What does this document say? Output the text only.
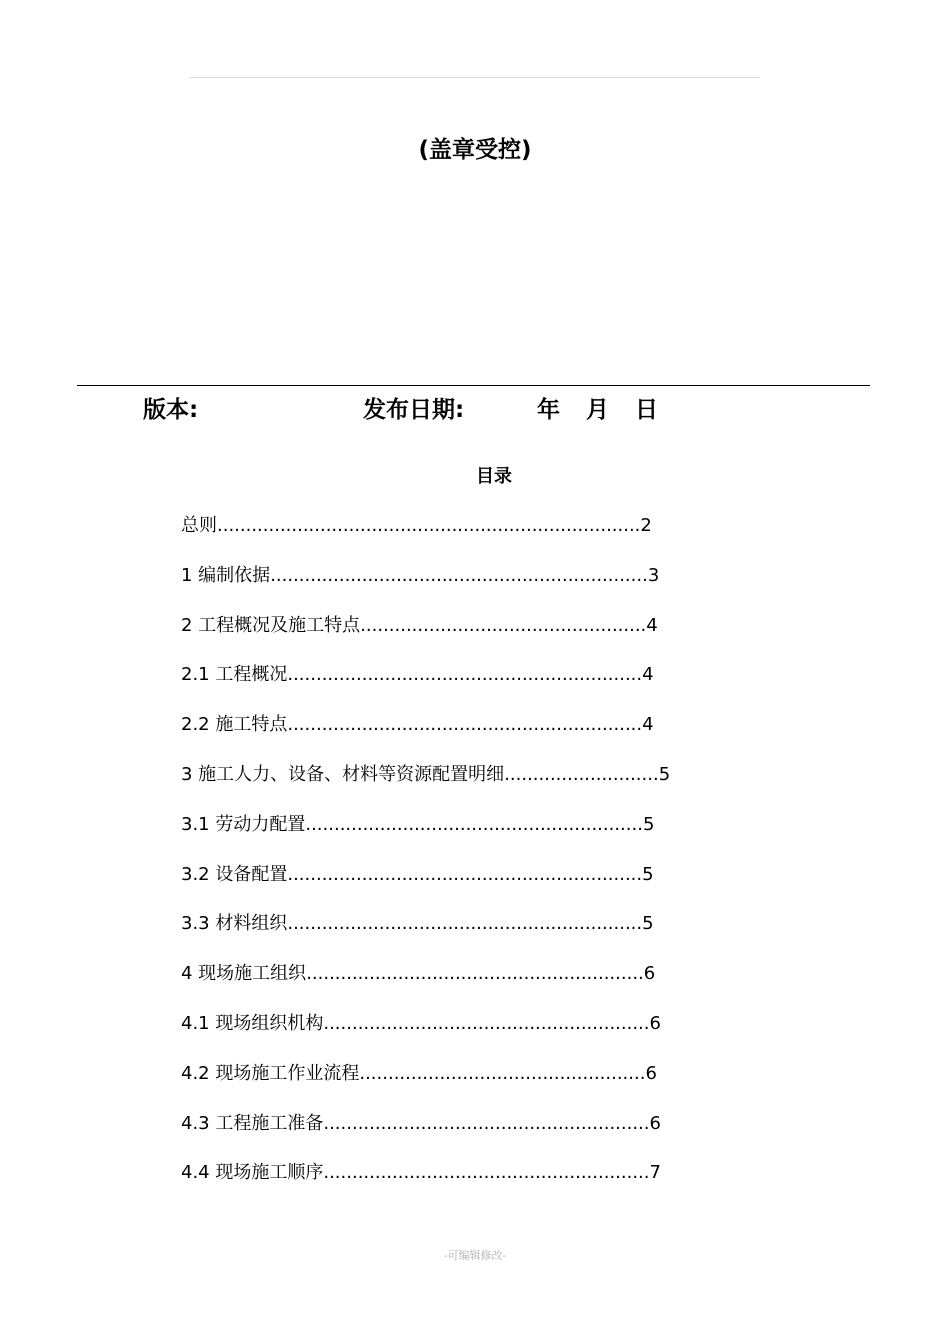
(盖章受控)
版本:	发布日期:	年 月 日
目录
总则..........................................................................2
1 编制依据..................................................................3
2 工程概况及施工特点..................................................4
2.1 工程概况..............................................................4
2.2 施工特点..............................................................4
3 施工人力、设备、材料等资源配置明细...........................5
3.1 劳动力配置...........................................................5
3.2 设备配置..............................................................5
3.3 材料组织..............................................................5
4 现场施工组织...........................................................6
4.1 现场组织机构.........................................................6
4.2 现场施工作业流程..................................................6
4.3 工程施工准备.........................................................6
4.4 现场施工顺序.........................................................7
-可编辑修改-
